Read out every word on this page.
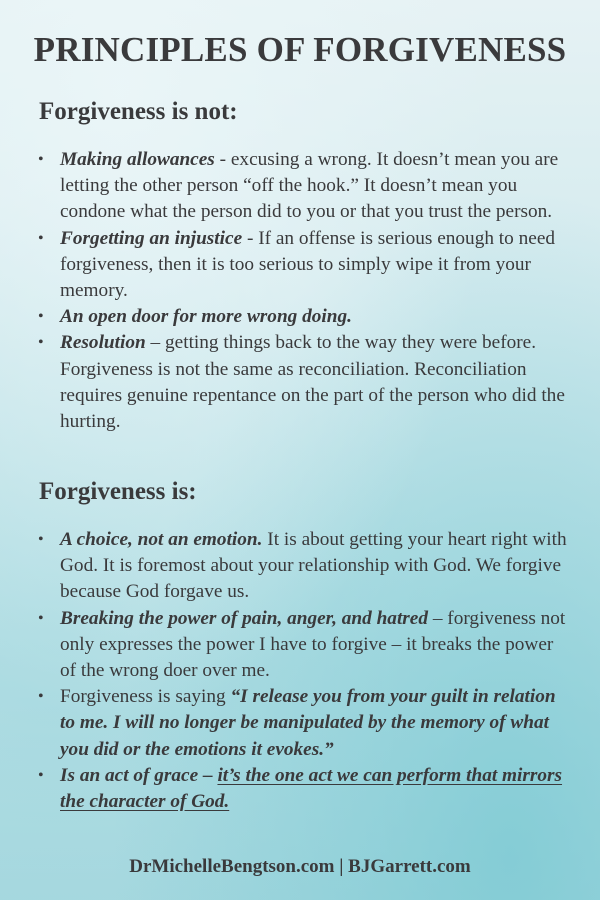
PRINCIPLES OF FORGIVENESS
Forgiveness is not:
• Making allowances - excusing a wrong. It doesn’t mean you are letting the other person “off the hook.” It doesn’t mean you condone what the person did to you or that you trust the person.
• Forgetting an injustice - If an offense is serious enough to need forgiveness, then it is too serious to simply wipe it from your memory.
• An open door for more wrong doing.
• Resolution – getting things back to the way they were before. Forgiveness is not the same as reconciliation. Reconciliation requires genuine repentance on the part of the person who did the hurting.
Forgiveness is:
• A choice, not an emotion. It is about getting your heart right with God. It is foremost about your relationship with God. We forgive because God forgave us.
• Breaking the power of pain, anger, and hatred – forgiveness not only expresses the power I have to forgive – it breaks the power of the wrong doer over me.
• Forgiveness is saying “I release you from your guilt in relation to me. I will no longer be manipulated by the memory of what you did or the emotions it evokes.”
• Is an act of grace – it’s the one act we can perform that mirrors the character of God.
DrMichelleBengtson.com | BJGarrett.com
